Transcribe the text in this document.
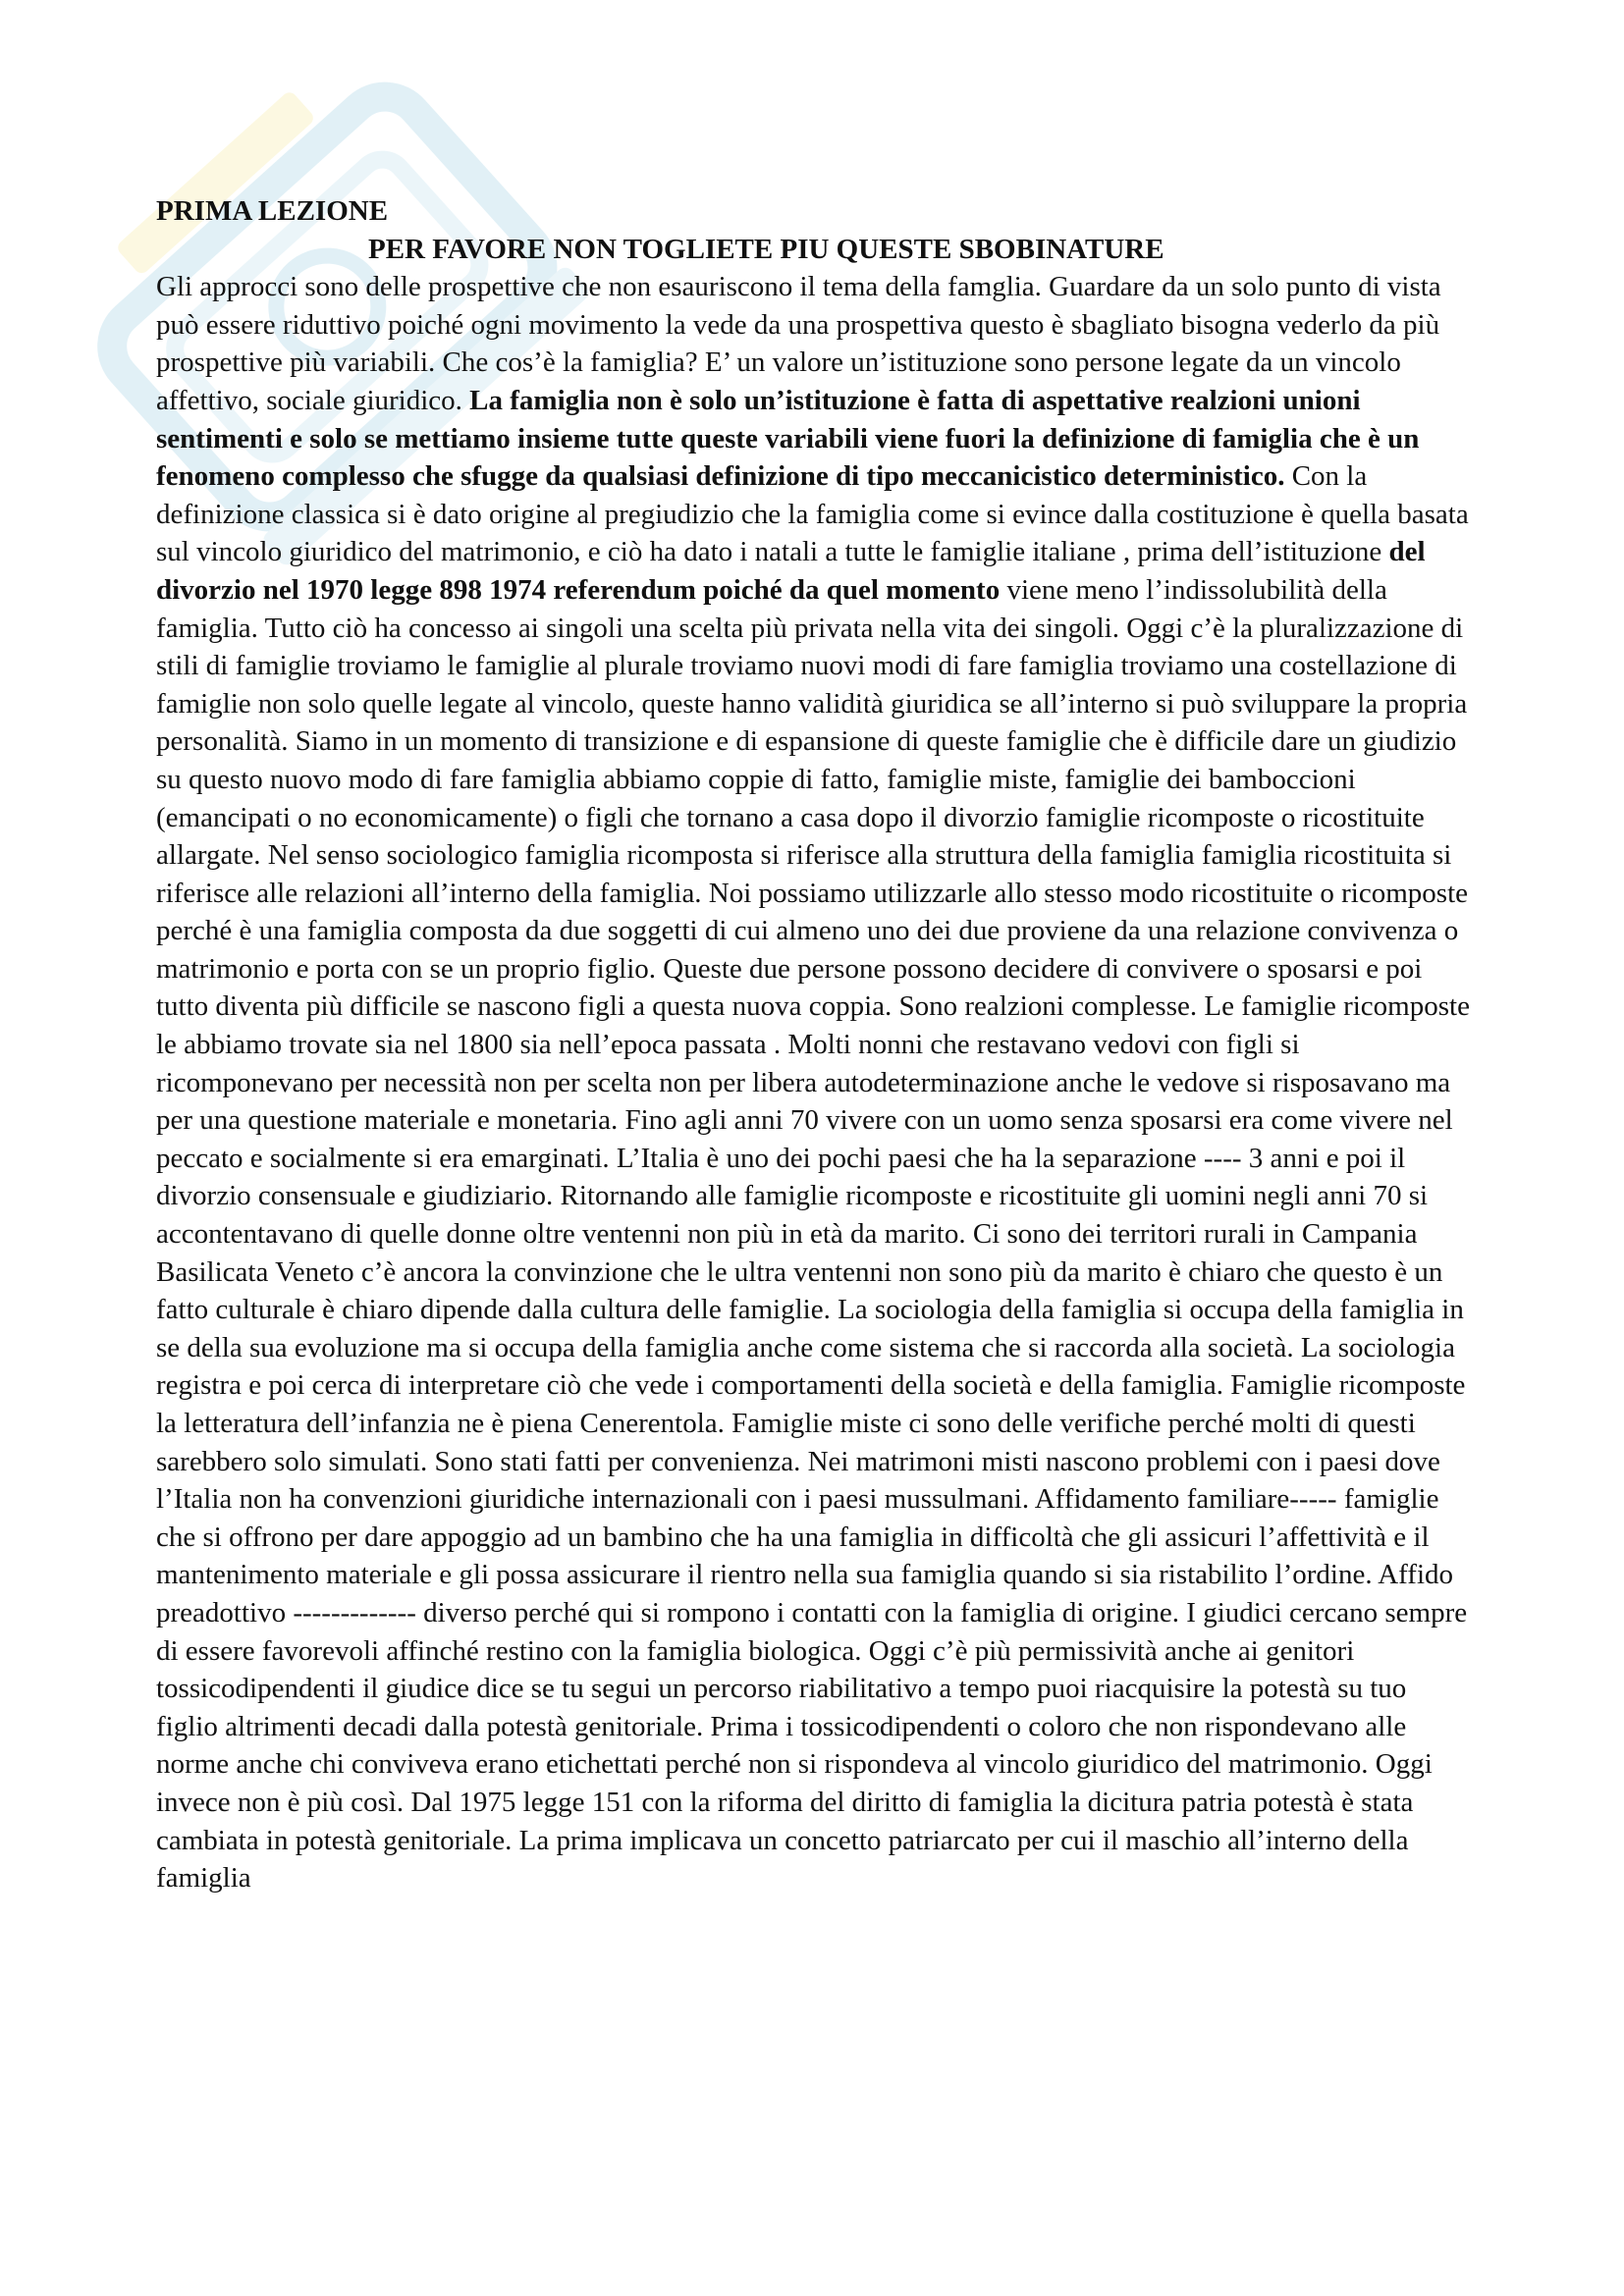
PRIMA LEZIONE

PER FAVORE NON TOGLIETE PIU QUESTE SBOBINATURE

Gli approcci sono delle prospettive che non esauriscono il tema della famglia. Guardare da un solo punto di vista può essere riduttivo poiché ogni movimento la vede da una prospettiva questo è sbagliato bisogna vederlo da più prospettive più variabili. Che cos’è la famiglia? E’ un valore un’istituzione sono persone legate da un vincolo affettivo, sociale giuridico. La famiglia non è solo un’istituzione è fatta di aspettative realzioni unioni sentimenti e solo se mettiamo insieme tutte queste variabili viene fuori la definizione di famiglia che è un fenomeno complesso che sfugge da qualsiasi definizione di tipo meccanicistico deterministico. Con la definizione classica si è dato origine al pregiudizio che la famiglia come si evince dalla costituzione è quella basata sul vincolo giuridico del matrimonio, e ciò ha dato i natali a tutte le famiglie italiane , prima dell’istituzione del divorzio nel 1970 legge 898 1974 referendum poiché da quel momento viene meno l’indissolubilità della famiglia. Tutto ciò ha concesso ai singoli una scelta più privata nella vita dei singoli. Oggi c’è la pluralizzazione di stili di famiglie troviamo le famiglie al plurale troviamo nuovi modi di fare famiglia troviamo una costellazione di famiglie non solo quelle legate al vincolo, queste hanno validità giuridica se all’interno si può sviluppare la propria personalità. Siamo in un momento di transizione e di espansione di queste famiglie che è difficile dare un giudizio su questo nuovo modo di fare famiglia abbiamo coppie di fatto, famiglie miste, famiglie dei bamboccioni (emancipati o no economicamente) o figli che tornano a casa dopo il divorzio famiglie ricomposte o ricostituite allargate. Nel senso sociologico famiglia ricomposta si riferisce alla struttura della famiglia famiglia ricostituita si riferisce alle relazioni all’interno della famiglia. Noi possiamo utilizzarle allo stesso modo ricostituite o ricomposte perché è una famiglia composta da due soggetti di cui almeno uno dei due proviene da una relazione convivenza o matrimonio e porta con se un proprio figlio. Queste due persone possono decidere di convivere o sposarsi e poi tutto diventa più difficile se nascono figli a questa nuova coppia. Sono realzioni complesse. Le famiglie ricomposte le abbiamo trovate sia nel 1800 sia nell’epoca passata . Molti nonni che restavano vedovi con figli si ricomponevano per necessità non per scelta non per libera autodeterminazione anche le vedove si risposavano ma per una questione materiale e monetaria. Fino agli anni 70 vivere con un uomo senza sposarsi era come vivere nel peccato e socialmente si era emarginati. L’Italia è uno dei pochi paesi che ha la separazione ---- 3 anni e poi il divorzio consensuale e giudiziario. Ritornando alle famiglie ricomposte e ricostituite gli uomini negli anni 70 si accontentavano di quelle donne oltre ventenni non più in età da marito. Ci sono dei territori rurali in Campania Basilicata Veneto c’è ancora la convinzione che le ultra ventenni non sono più da marito è chiaro che questo è un fatto culturale è chiaro dipende dalla cultura delle famiglie. La sociologia della famiglia si occupa della famiglia in se della sua evoluzione ma si occupa della famiglia anche come sistema che si raccorda alla società. La sociologia registra e poi cerca di interpretare ciò che vede i comportamenti della società e della famiglia. Famiglie ricomposte la letteratura dell’infanzia ne è piena Cenerentola. Famiglie miste ci sono delle verifiche perché molti di questi sarebbero solo simulati. Sono stati fatti per convenienza. Nei matrimoni misti nascono problemi con i paesi dove l’Italia non ha convenzioni giuridiche internazionali con i paesi mussulmani. Affidamento familiare----- famiglie che si offrono per dare appoggio ad un bambino che ha una famiglia in difficoltà che gli assicuri l’affettività e il mantenimento materiale e gli possa assicurare il rientro nella sua famiglia quando si sia ristabilito l’ordine. Affido preadottivo ------------- diverso perché qui si rompono i contatti con la famiglia di origine. I giudici cercano sempre di essere favorevoli affinché restino con la famiglia biologica. Oggi c’è più permissività anche ai genitori tossicodipendenti il giudice dice se tu segui un percorso riabilitativo a tempo puoi riacquisire la potestà su tuo figlio altrimenti decadi dalla potestà genitoriale. Prima i tossicodipendenti o coloro che non rispondevano alle norme anche chi conviveva erano etichettati perché non si rispondeva al vincolo giuridico del matrimonio. Oggi invece non è più così. Dal 1975 legge 151 con la riforma del diritto di famiglia la dicitura patria potestà è stata cambiata in potestà genitoriale. La prima implicava un concetto patriarcato per cui il maschio all’interno della famiglia
